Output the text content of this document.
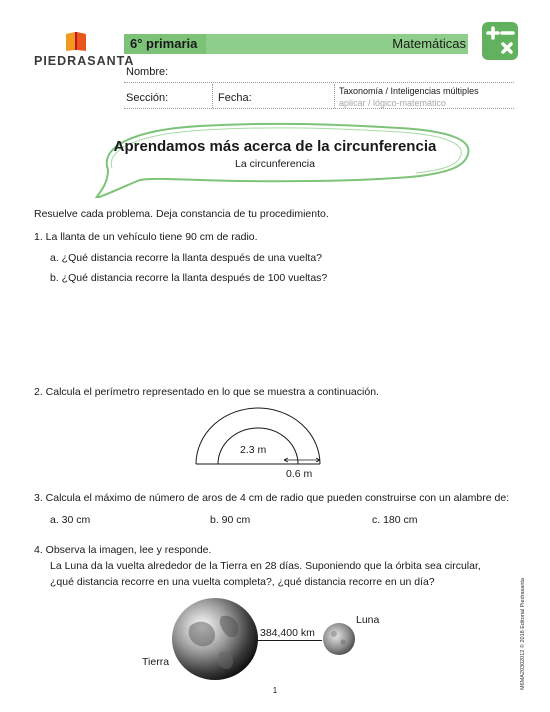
PIEDRASANTA
6° primaria	Matemáticas
Nombre:
Sección:	Fecha:
Taxonomía / Inteligencias múltiples
aplicar / lógico-matemático
Aprendamos más acerca de la circunferencia
La circunferencia
Resuelve cada problema. Deja constancia de tu procedimiento.
1. La llanta de un vehículo tiene 90 cm de radio.
a. ¿Qué distancia recorre la llanta después de una vuelta?
b. ¿Qué distancia recorre la llanta después de 100 vueltas?
2. Calcula el perímetro representado en lo que se muestra a continuación.
2.3 m
0.6 m
3. Calcula el máximo de número de aros de 4 cm de radio que pueden construirse con un alambre de:
a. 30 cm	b. 90 cm	c. 180 cm
4. Observa la imagen, lee y responde.
La Luna da la vuelta alrededor de la Tierra en 28 días. Suponiendo que la órbita sea circular,
¿qué distancia recorre en una vuelta completa?, ¿qué distancia recorre en un día?
384,400 km
Luna
Tierra
1
M6MA20302012 © 2018 Editorial Piedrasanta
